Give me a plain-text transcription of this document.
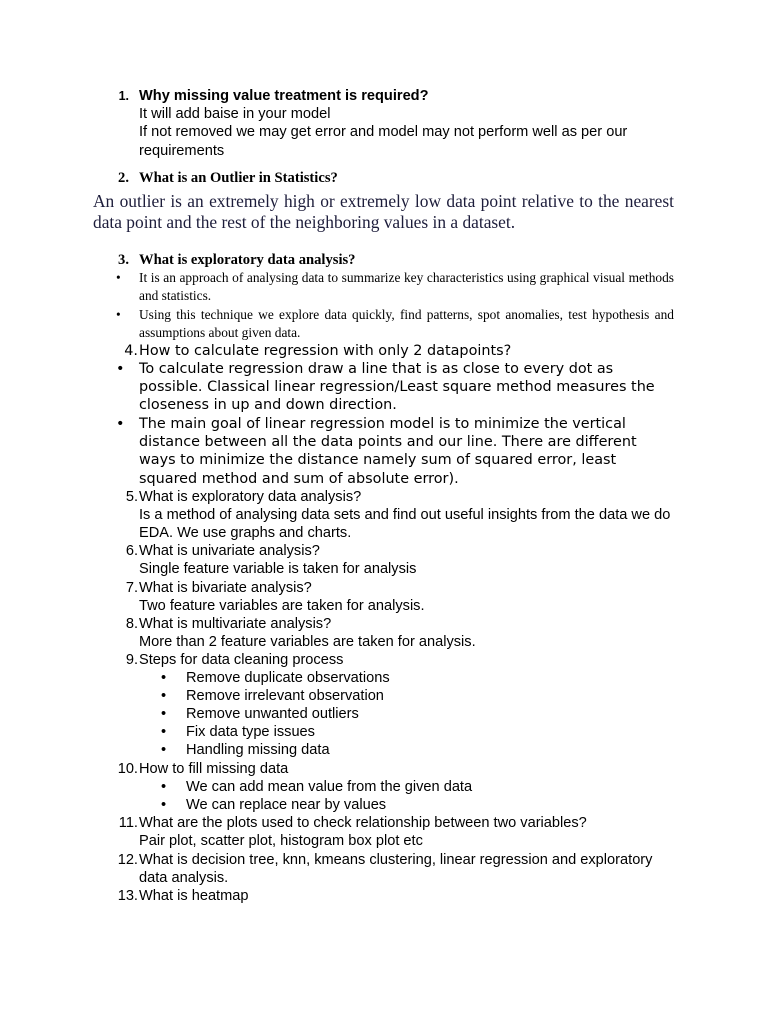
1. Why missing value treatment is required?
It will add baise in your model
If not removed we may get error and model may not perform well as per our requirements
2. What is an Outlier in Statistics?
An outlier is an extremely high or extremely low data point relative to the nearest data point and the rest of the neighboring values in a dataset.
3. What is exploratory data analysis?
•
It is an approach of analysing data to summarize key characteristics using graphical visual methods and statistics.
•
Using this technique we explore data quickly, find patterns, spot anomalies, test hypothesis and assumptions about given data.
4. How to calculate regression with only 2 datapoints?
•
To calculate regression draw a line that is as close to every dot as possible. Classical linear regression/Least square method measures the closeness in up and down direction.
•
The main goal of linear regression model is to minimize the vertical distance between all the data points and our line. There are different ways to minimize the distance namely sum of squared error, least squared method and sum of absolute error).
5. What is exploratory data analysis?
Is a method of analysing data sets and find out useful insights from the data we do EDA. We use graphs and charts.
6. What is univariate analysis?
Single feature variable is taken for analysis
7. What is bivariate analysis?
Two feature variables are taken for analysis.
8. What is multivariate analysis?
More than 2 feature variables are taken for analysis.
9. Steps for data cleaning process
•
Remove duplicate observations
•
Remove irrelevant observation
•
Remove unwanted outliers
•
Fix data type issues
•
Handling missing data
10. How to fill missing data
•
We can add mean value from the given data
•
We can replace near by values
11. What are the plots used to check relationship between two variables?
Pair plot, scatter plot, histogram box plot etc
12. What is decision tree, knn, kmeans clustering, linear regression and exploratory data analysis.
13. What is heatmap
